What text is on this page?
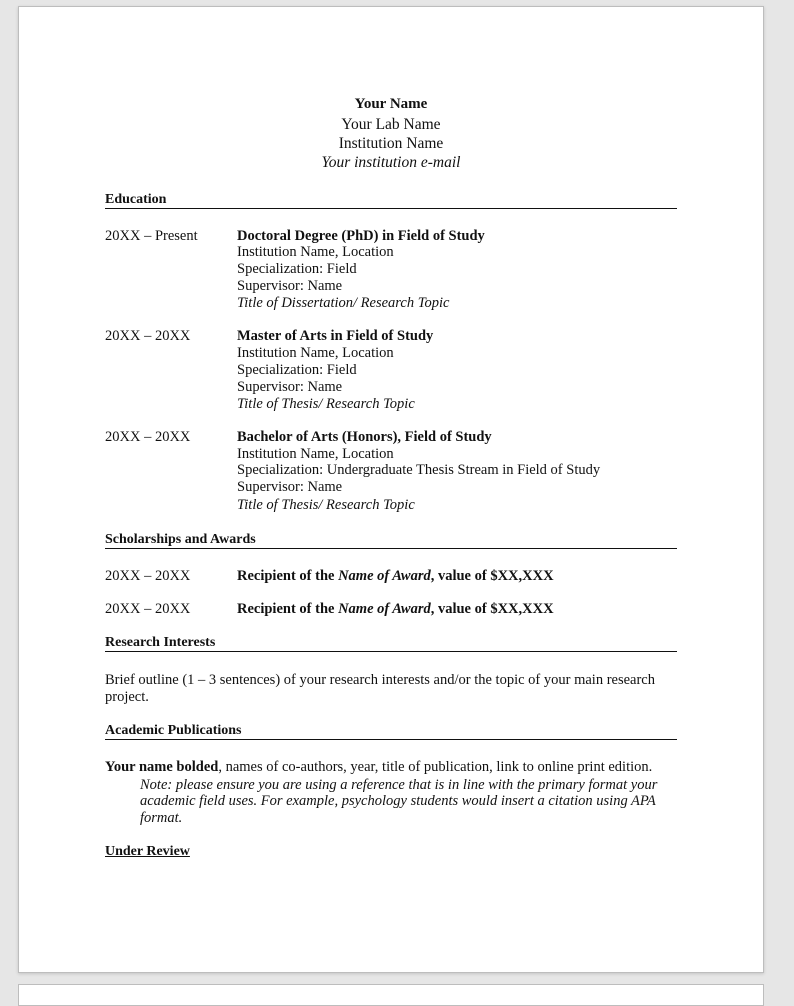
Your Name
Your Lab Name
Institution Name
Your institution e-mail
Education
20XX – Present	Doctoral Degree (PhD) in Field of Study
Institution Name, Location
Specialization: Field
Supervisor: Name
Title of Dissertation/ Research Topic
20XX – 20XX	Master of Arts in Field of Study
Institution Name, Location
Specialization: Field
Supervisor: Name
Title of Thesis/ Research Topic
20XX – 20XX	Bachelor of Arts (Honors), Field of Study
Institution Name, Location
Specialization: Undergraduate Thesis Stream in Field of Study
Supervisor: Name
Title of Thesis/ Research Topic
Scholarships and Awards
20XX – 20XX	Recipient of the Name of Award, value of $XX,XXX
20XX – 20XX	Recipient of the Name of Award, value of $XX,XXX
Research Interests
Brief outline (1 – 3 sentences) of your research interests and/or the topic of your main research
project.
Academic Publications
Your name bolded, names of co-authors, year, title of publication, link to online print edition.
Note: please ensure you are using a reference that is in line with the primary format your
academic field uses. For example, psychology students would insert a citation using APA
format.
Under Review
